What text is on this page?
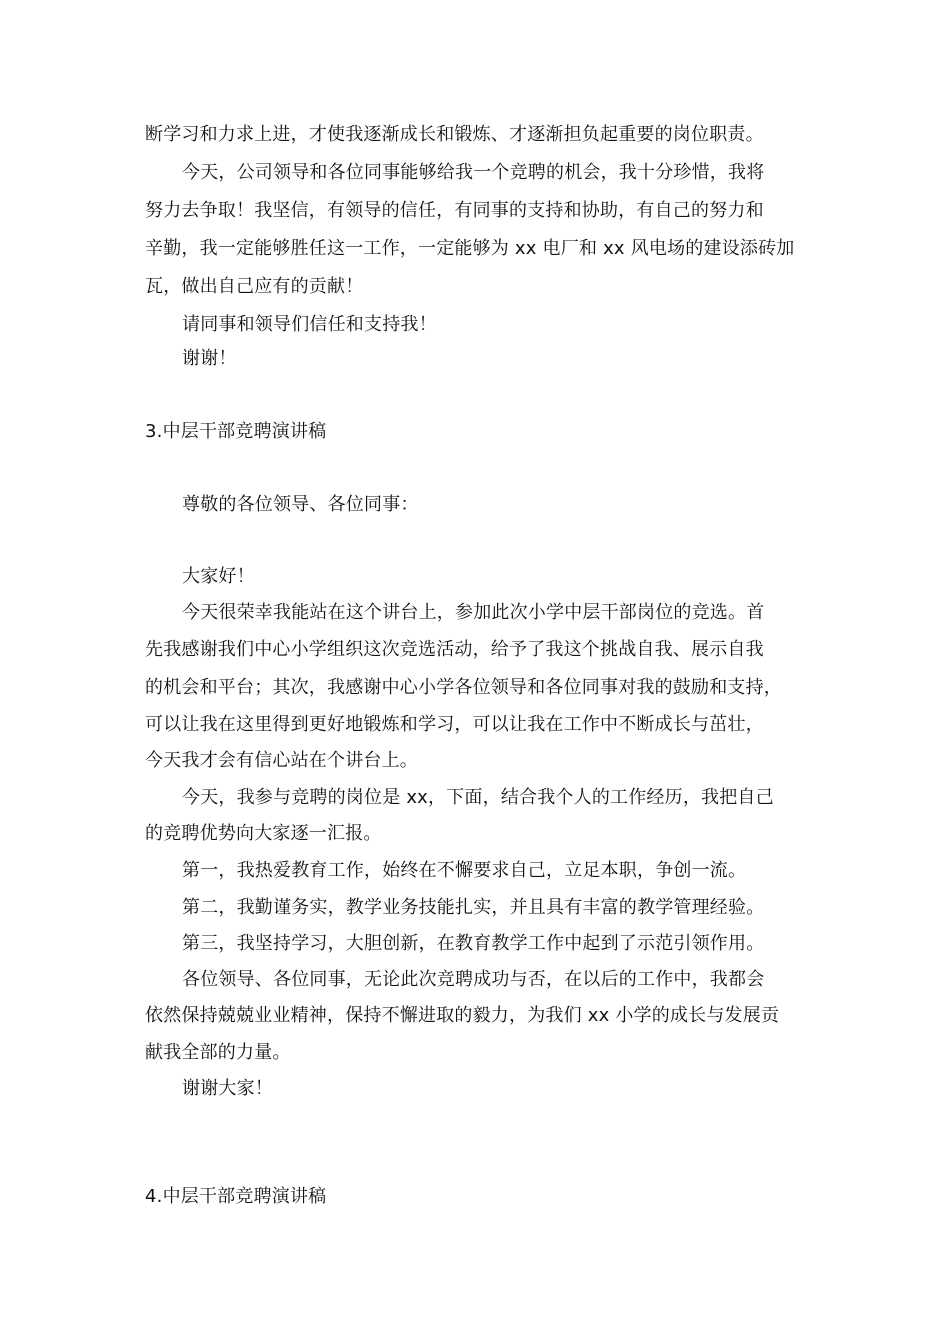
断学习和力求上进，才使我逐渐成长和锻炼、才逐渐担负起重要的岗位职责。
今天，公司领导和各位同事能够给我一个竞聘的机会，我十分珍惜，我将
努力去争取！我坚信，有领导的信任，有同事的支持和协助，有自己的努力和
辛勤，我一定能够胜任这一工作，一定能够为 xx 电厂和 xx 风电场的建设添砖加
瓦，做出自己应有的贡献！
请同事和领导们信任和支持我！
谢谢！
3.中层干部竞聘演讲稿
尊敬的各位领导、各位同事：
大家好！
今天很荣幸我能站在这个讲台上，参加此次小学中层干部岗位的竞选。首
先我感谢我们中心小学组织这次竞选活动，给予了我这个挑战自我、展示自我
的机会和平台；其次，我感谢中心小学各位领导和各位同事对我的鼓励和支持，
可以让我在这里得到更好地锻炼和学习，可以让我在工作中不断成长与茁壮，
今天我才会有信心站在个讲台上。
今天，我参与竞聘的岗位是 xx，下面，结合我个人的工作经历，我把自己
的竞聘优势向大家逐一汇报。
第一，我热爱教育工作，始终在不懈要求自己，立足本职，争创一流。
第二，我勤谨务实，教学业务技能扎实，并且具有丰富的教学管理经验。
第三，我坚持学习，大胆创新，在教育教学工作中起到了示范引领作用。
各位领导、各位同事，无论此次竞聘成功与否，在以后的工作中，我都会
依然保持兢兢业业精神，保持不懈进取的毅力，为我们 xx 小学的成长与发展贡
献我全部的力量。
谢谢大家！
4.中层干部竞聘演讲稿
